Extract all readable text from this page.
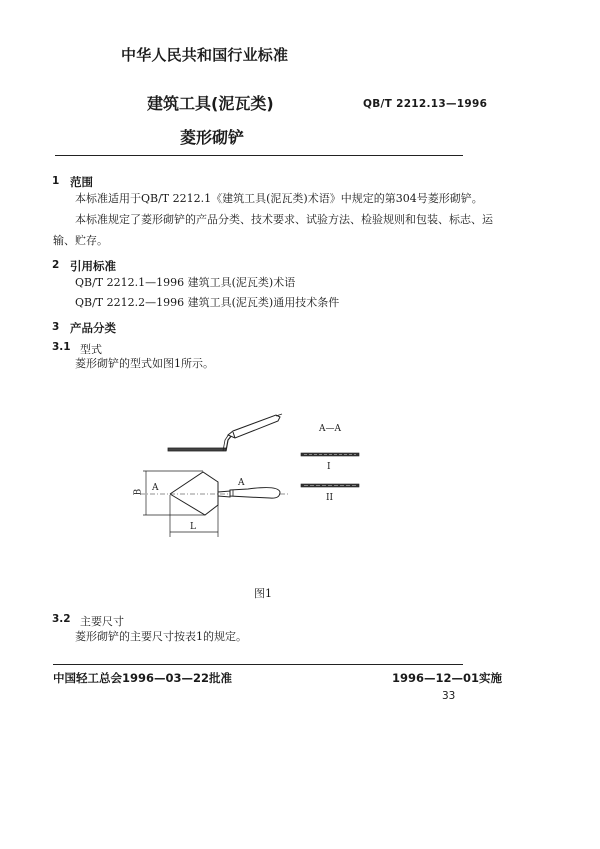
中华人民共和国行业标准
建筑工具(泥瓦类)	QB/T 2212.13—1996
菱形砌铲
1 范围
本标准适用于QB/T 2212.1《建筑工具(泥瓦类)术语》中规定的第304号菱形砌铲。
本标准规定了菱形砌铲的产品分类、技术要求、试验方法、检验规则和包装、标志、运
输、贮存。
2 引用标准
QB/T 2212.1—1996 建筑工具(泥瓦类)术语
QB/T 2212.2—1996 建筑工具(泥瓦类)通用技术条件
3 产品分类
3.1 型式
菱形砌铲的型式如图1所示。
A—A
I
II
B
L
A	A
图1
3.2 主要尺寸
菱形砌铲的主要尺寸按表1的规定。
中国轻工总会1996—03—22批准	1996—12—01实施
33
